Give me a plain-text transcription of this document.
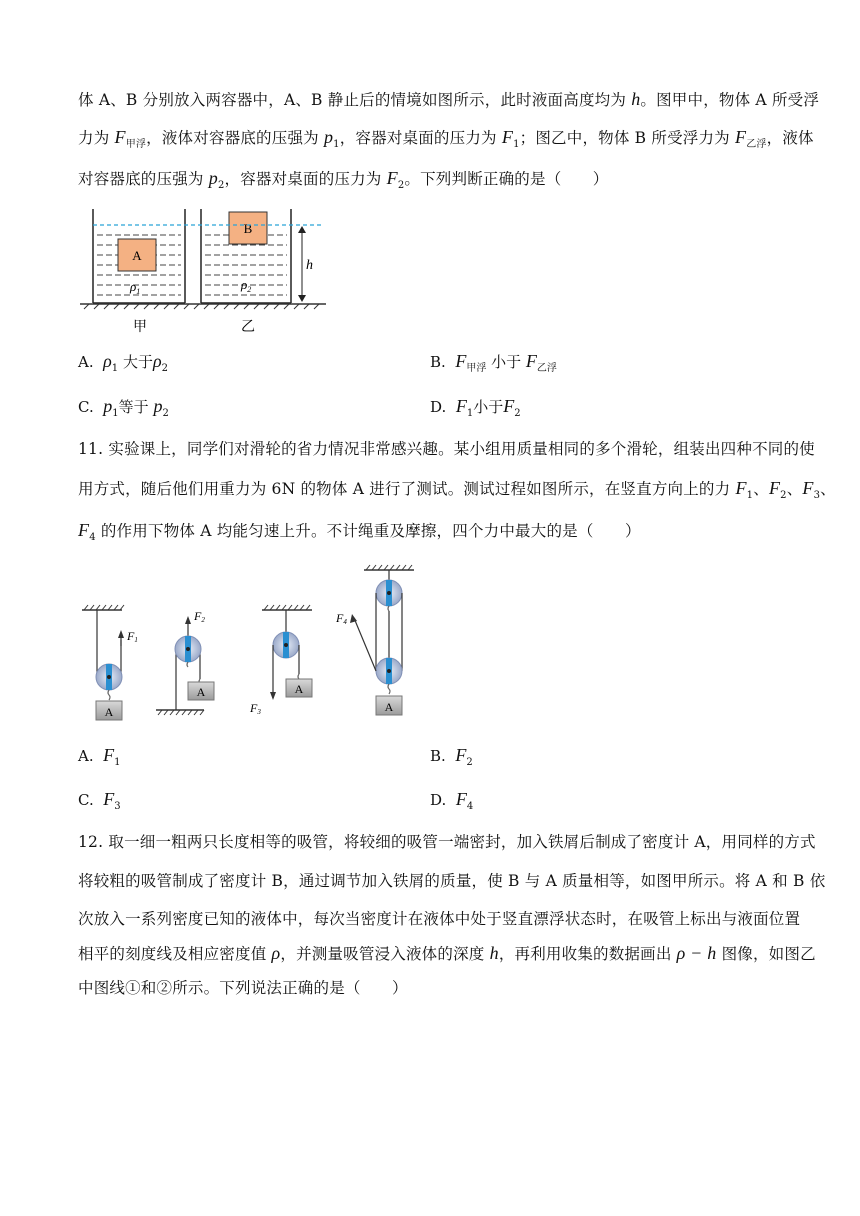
体 A、B 分别放入两容器中，A、B 静止后的情境如图所示，此时液面高度均为 h。图甲中，物体 A 所受浮
力为 $F_{甲浮}$，液体对容器底的压强为 $p_1$，容器对桌面的压力为 $F_1$；图乙中，物体 B 所受浮力为 $F_{乙浮}$，液体
对容器底的压强为 $p_2$，容器对桌面的压力为 $F_2$。下列判断正确的是（　　）
A
$\rho_1$
B
$\rho_2$
h
甲	乙
A. $\rho_1$ 大于$\rho_2$	B. $F_{甲浮}$ 小于 $F_{乙浮}$
C. $p_1$等于 $p_2$	D. $F_1$小于$F_2$
11. 实验课上，同学们对滑轮的省力情况非常感兴趣。某小组用质量相同的多个滑轮，组装出四种不同的使
用方式，随后他们用重力为 6N 的物体 A 进行了测试。测试过程如图所示，在竖直方向上的力 $F_1$、$F_2$、$F_3$、
$F_4$ 的作用下物体 A 均能匀速上升。不计绳重及摩擦，四个力中最大的是（　　）
F1
A
F2
A
F3
A
F4
A
A. $F_1$	B. $F_2$
C. $F_3$	D. $F_4$
12. 取一细一粗两只长度相等的吸管，将较细的吸管一端密封，加入铁屑后制成了密度计 A，用同样的方式
将较粗的吸管制成了密度计 B，通过调节加入铁屑的质量，使 B 与 A 质量相等，如图甲所示。将 A 和 B 依
次放入一系列密度已知的液体中，每次当密度计在液体中处于竖直漂浮状态时，在吸管上标出与液面位置
相平的刻度线及相应密度值 ρ，并测量吸管浸入液体的深度 h，再利用收集的数据画出 ρ − h 图像，如图乙
中图线①和②所示。下列说法正确的是（　　）
